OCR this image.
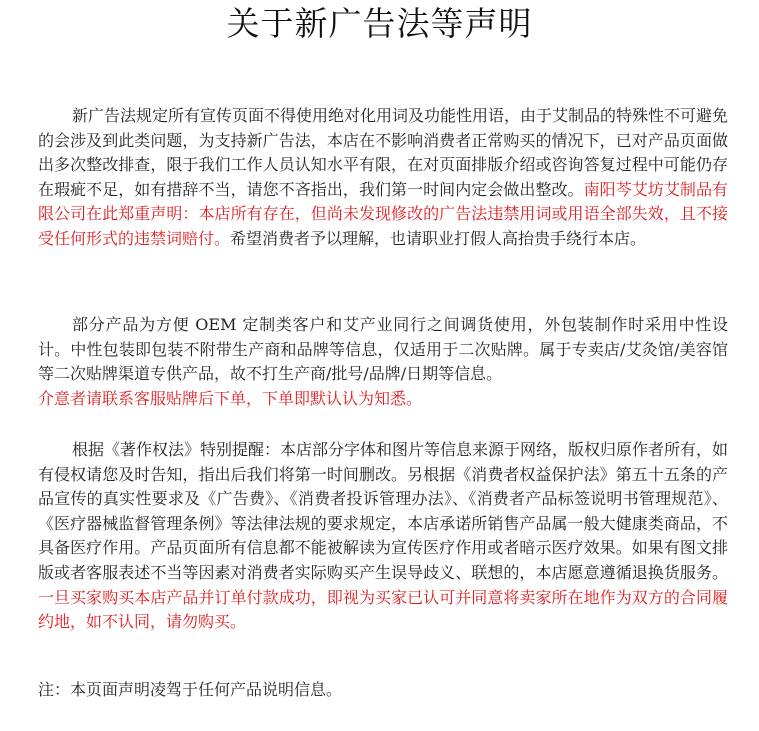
关于新广告法等声明

新广告法规定所有宣传页面不得使用绝对化用词及功能性用语，由于艾制品的特殊性不可避免的会涉及到此类问题，为支持新广告法，本店在不影响消费者正常购买的情况下，已对产品页面做出多次整改排查，限于我们工作人员认知水平有限，在对页面排版介绍或咨询答复过程中可能仍存在瑕疵不足，如有措辞不当，请您不吝指出，我们第一时间内定会做出整改。南阳芩艾坊艾制品有限公司在此郑重声明：本店所有存在，但尚未发现修改的广告法违禁用词或用语全部失效，且不接受任何形式的违禁词赔付。希望消费者予以理解，也请职业打假人高抬贵手绕行本店。

部分产品为方便 OEM 定制类客户和艾产业同行之间调货使用，外包装制作时采用中性设计。中性包装即包装不附带生产商和品牌等信息，仅适用于二次贴牌。属于专卖店/艾灸馆/美容馆等二次贴牌渠道专供产品，故不打生产商/批号/品牌/日期等信息。
介意者请联系客服贴牌后下单，下单即默认认为知悉。

根据《著作权法》特别提醒：本店部分字体和图片等信息来源于网络，版权归原作者所有，如有侵权请您及时告知，指出后我们将第一时间删改。另根据《消费者权益保护法》第五十五条的产品宣传的真实性要求及《广告费》、《消费者投诉管理办法》、《消费者产品标签说明书管理规范》、《医疗器械监督管理条例》等法律法规的要求规定，本店承诺所销售产品属一般大健康类商品，不具备医疗作用。产品页面所有信息都不能被解读为宣传医疗作用或者暗示医疗效果。如果有图文排版或者客服表述不当等因素对消费者实际购买产生误导歧义、联想的，本店愿意遵循退换货服务。一旦买家购买本店产品并订单付款成功，即视为买家已认可并同意将卖家所在地作为双方的合同履约地，如不认同，请勿购买。

注：本页面声明凌驾于任何产品说明信息。
